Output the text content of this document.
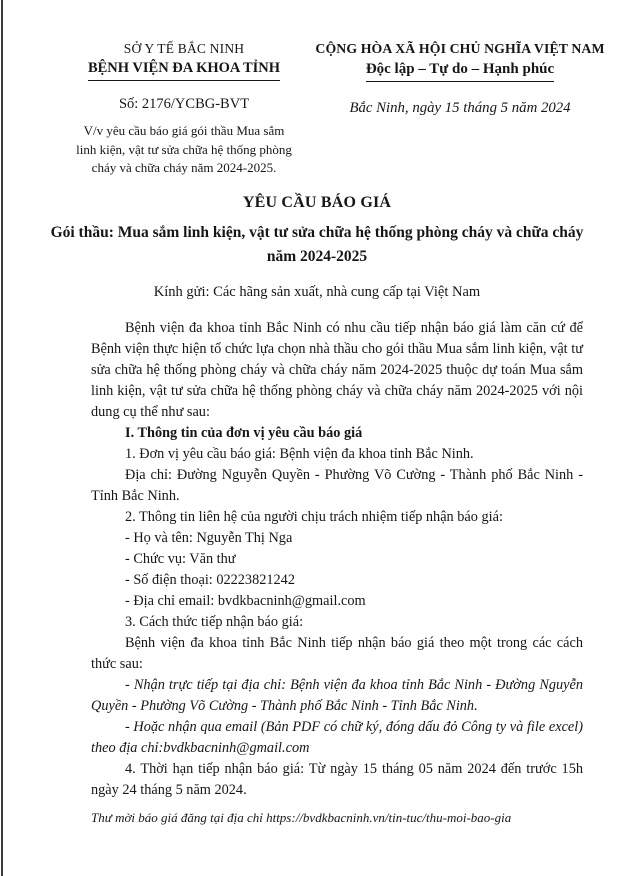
SỞ Y TẾ BẮC NINH
BỆNH VIỆN ĐA KHOA TỈNH
Số: 2176/YCBG-BVT
V/v yêu cầu báo giá gói thầu Mua sắm linh kiện, vật tư sửa chữa hệ thống phòng cháy và chữa cháy năm 2024-2025.
CỘNG HÒA XÃ HỘI CHỦ NGHĨA VIỆT NAM
Độc lập – Tự do – Hạnh phúc
Bắc Ninh, ngày 15 tháng 5 năm 2024
YÊU CẦU BÁO GIÁ
Gói thầu: Mua sắm linh kiện, vật tư sửa chữa hệ thống phòng cháy và chữa cháy năm 2024-2025
Kính gửi: Các hãng sản xuất, nhà cung cấp tại Việt Nam

Bệnh viện đa khoa tỉnh Bắc Ninh có nhu cầu tiếp nhận báo giá làm căn cứ để Bệnh viện thực hiện tổ chức lựa chọn nhà thầu cho gói thầu Mua sắm linh kiện, vật tư sửa chữa hệ thống phòng cháy và chữa cháy năm 2024-2025 thuộc dự toán Mua sắm linh kiện, vật tư sửa chữa hệ thống phòng cháy và chữa cháy năm 2024-2025 với nội dung cụ thể như sau:

I. Thông tin của đơn vị yêu cầu báo giá

1. Đơn vị yêu cầu báo giá: Bệnh viện đa khoa tỉnh Bắc Ninh.

Địa chỉ: Đường Nguyễn Quyền - Phường Võ Cường - Thành phố Bắc Ninh - Tỉnh Bắc Ninh.

2. Thông tin liên hệ của người chịu trách nhiệm tiếp nhận báo giá:

- Họ và tên: Nguyễn Thị Nga

- Chức vụ: Văn thư

- Số điện thoại: 02223821242

- Địa chỉ email: bvdkbacninh@gmail.com

3. Cách thức tiếp nhận báo giá:

Bệnh viện đa khoa tỉnh Bắc Ninh tiếp nhận báo giá theo một trong các cách thức sau:

- Nhận trực tiếp tại địa chỉ: Bệnh viện đa khoa tỉnh Bắc Ninh - Đường Nguyễn Quyền - Phường Võ Cường - Thành phố Bắc Ninh - Tỉnh Bắc Ninh.

- Hoặc nhận qua email (Bản PDF có chữ ký, đóng dấu đỏ Công ty và file excel) theo địa chỉ:bvdkbacninh@gmail.com

4. Thời hạn tiếp nhận báo giá: Từ ngày 15 tháng 05 năm 2024 đến trước 15h ngày 24 tháng 5 năm 2024.

Thư mời báo giá đăng tại địa chỉ https://bvdkbacninh.vn/tin-tuc/thu-moi-bao-gia
